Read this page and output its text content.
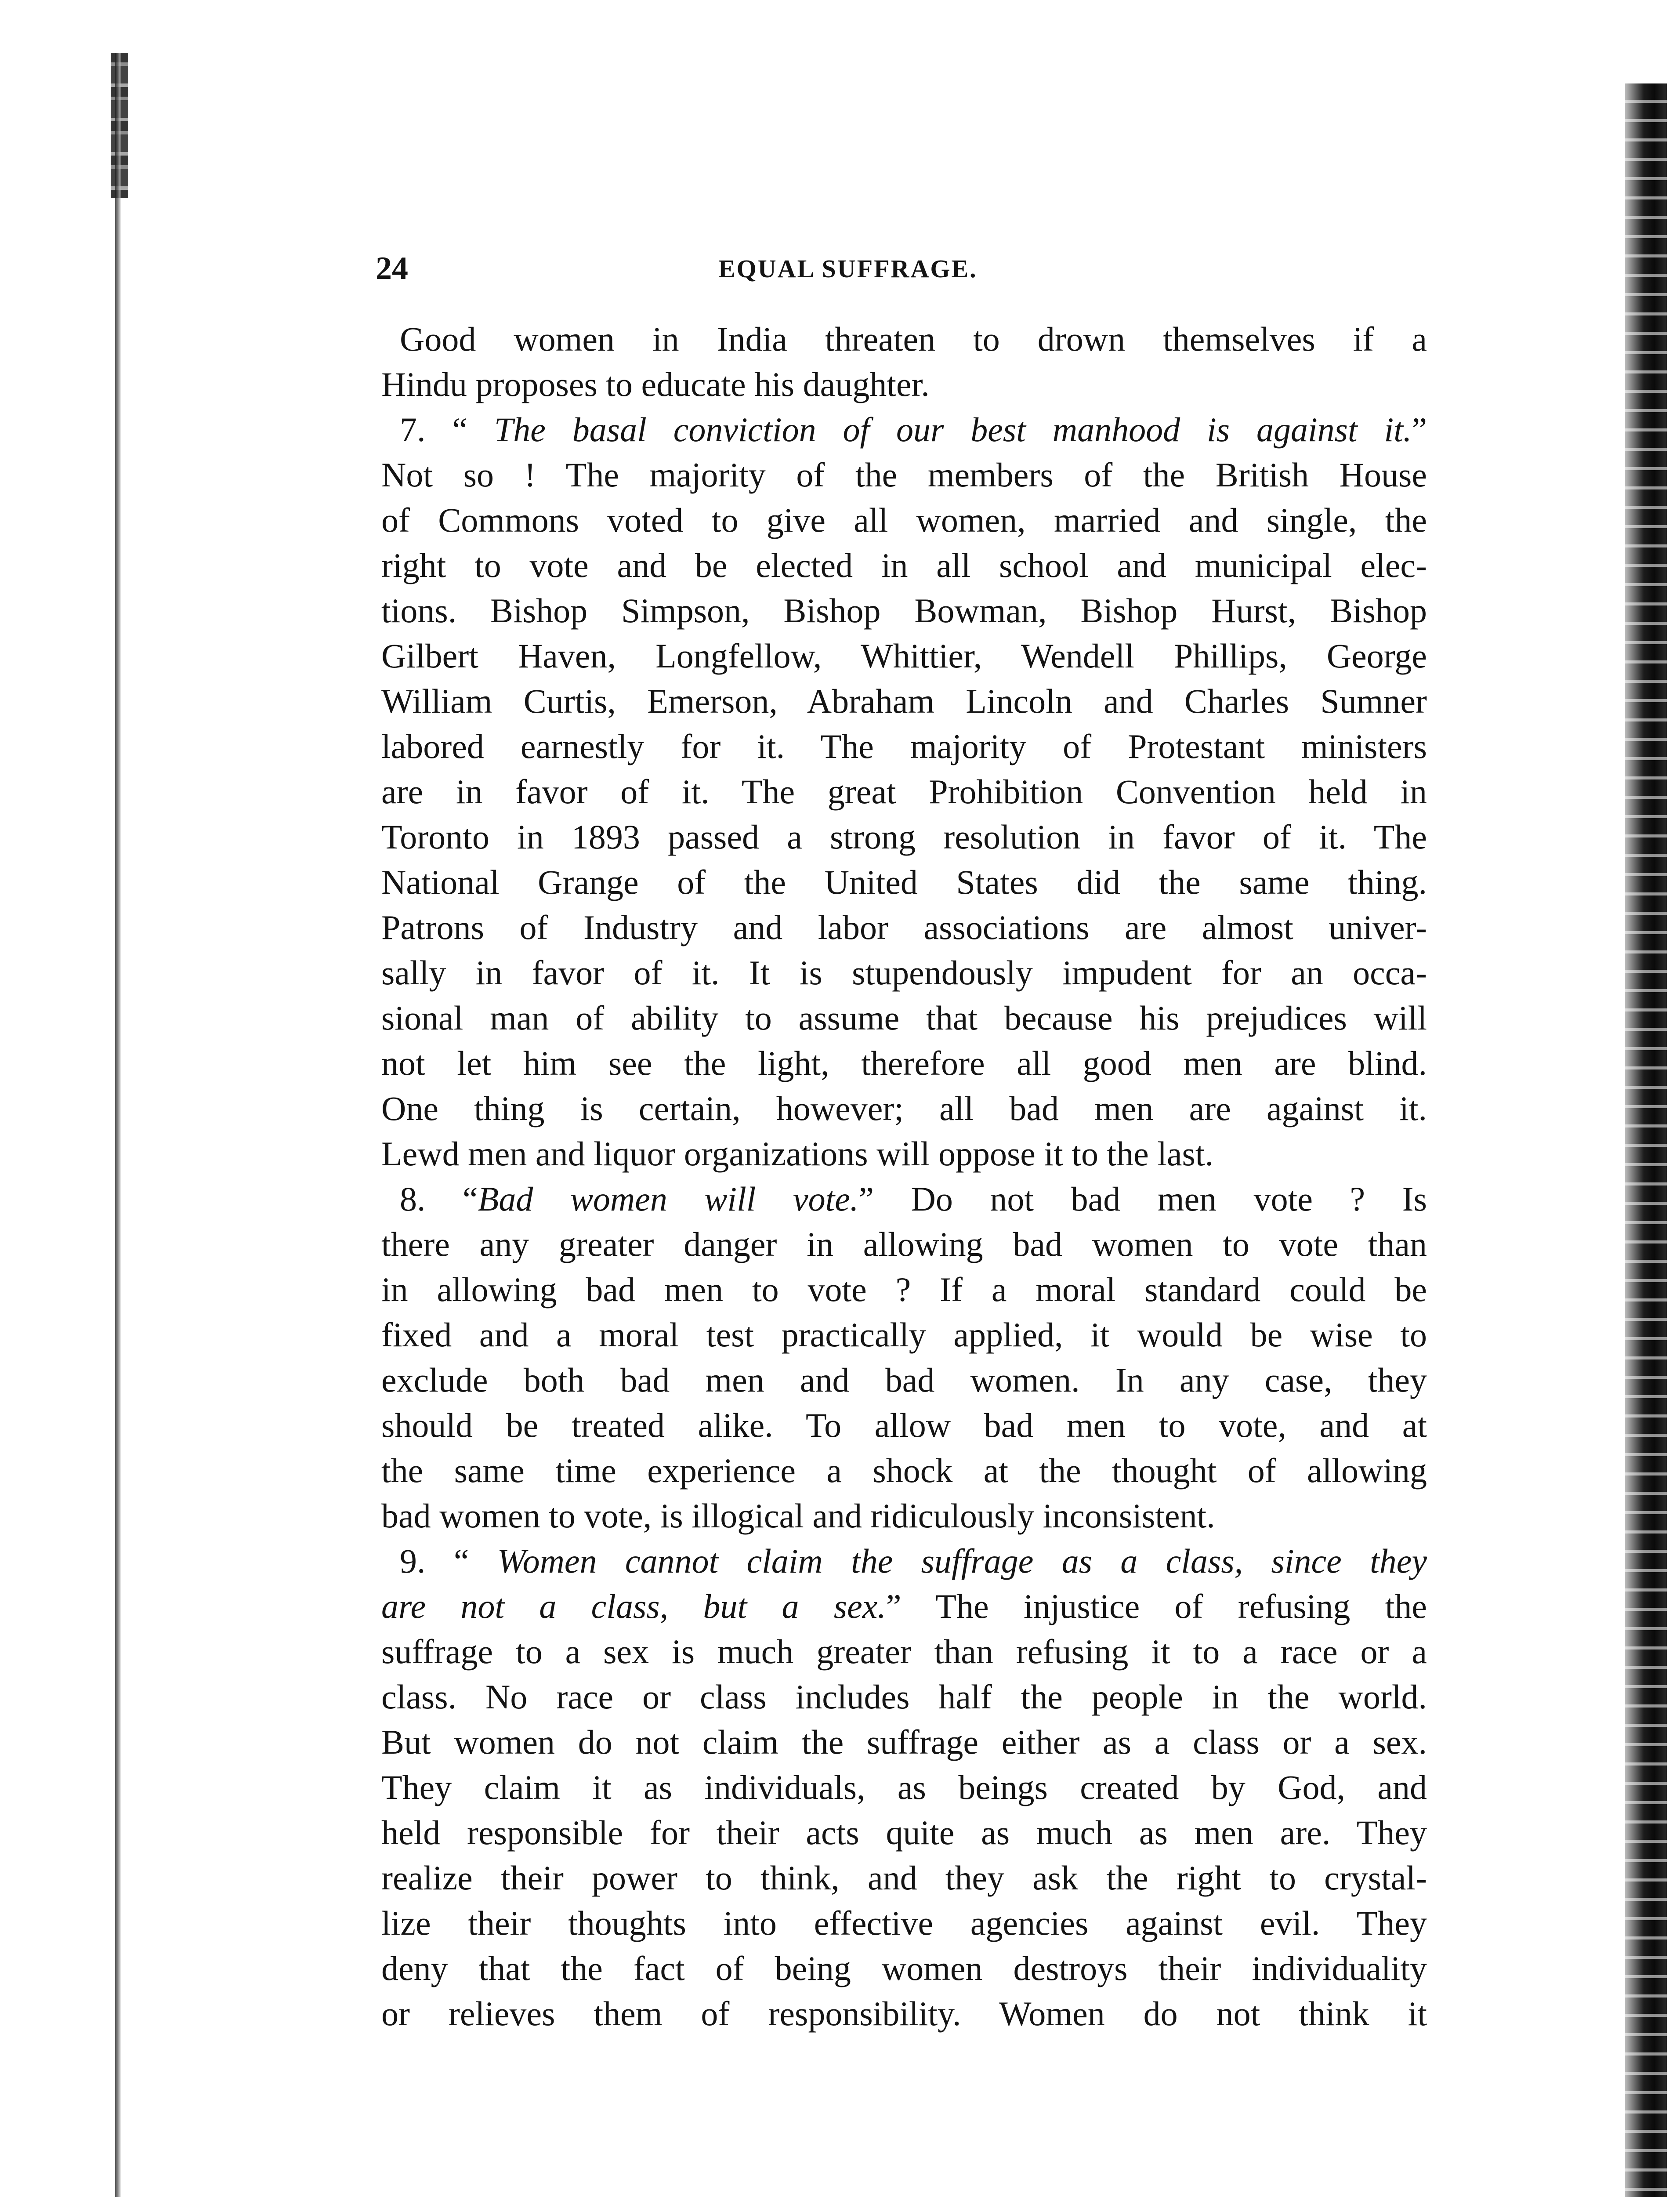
24	EQUAL SUFFRAGE.
Good women in India threaten to drown themselves if a
Hindu proposes to educate his daughter.
7. “ The basal conviction of our best manhood is against it.”
Not so ! The majority of the members of the British House
of Commons voted to give all women, married and single, the
right to vote and be elected in all school and municipal elec-
tions. Bishop Simpson, Bishop Bowman, Bishop Hurst, Bishop
Gilbert Haven, Longfellow, Whittier, Wendell Phillips, George
William Curtis, Emerson, Abraham Lincoln and Charles Sumner
labored earnestly for it. The majority of Protestant ministers
are in favor of it. The great Prohibition Convention held in
Toronto in 1893 passed a strong resolution in favor of it. The
National Grange of the United States did the same thing.
Patrons of Industry and labor associations are almost univer-
sally in favor of it. It is stupendously impudent for an occa-
sional man of ability to assume that because his prejudices will
not let him see the light, therefore all good men are blind.
One thing is certain, however; all bad men are against it.
Lewd men and liquor organizations will oppose it to the last.
8. “Bad women will vote.” Do not bad men vote ? Is
there any greater danger in allowing bad women to vote than
in allowing bad men to vote ? If a moral standard could be
fixed and a moral test practically applied, it would be wise to
exclude both bad men and bad women. In any case, they
should be treated alike. To allow bad men to vote, and at
the same time experience a shock at the thought of allowing
bad women to vote, is illogical and ridiculously inconsistent.
9. “ Women cannot claim the suffrage as a class, since they
are not a class, but a sex.” The injustice of refusing the
suffrage to a sex is much greater than refusing it to a race or a
class. No race or class includes half the people in the world.
But women do not claim the suffrage either as a class or a sex.
They claim it as individuals, as beings created by God, and
held responsible for their acts quite as much as men are. They
realize their power to think, and they ask the right to crystal-
lize their thoughts into effective agencies against evil. They
deny that the fact of being women destroys their individuality
or relieves them of responsibility. Women do not think it
